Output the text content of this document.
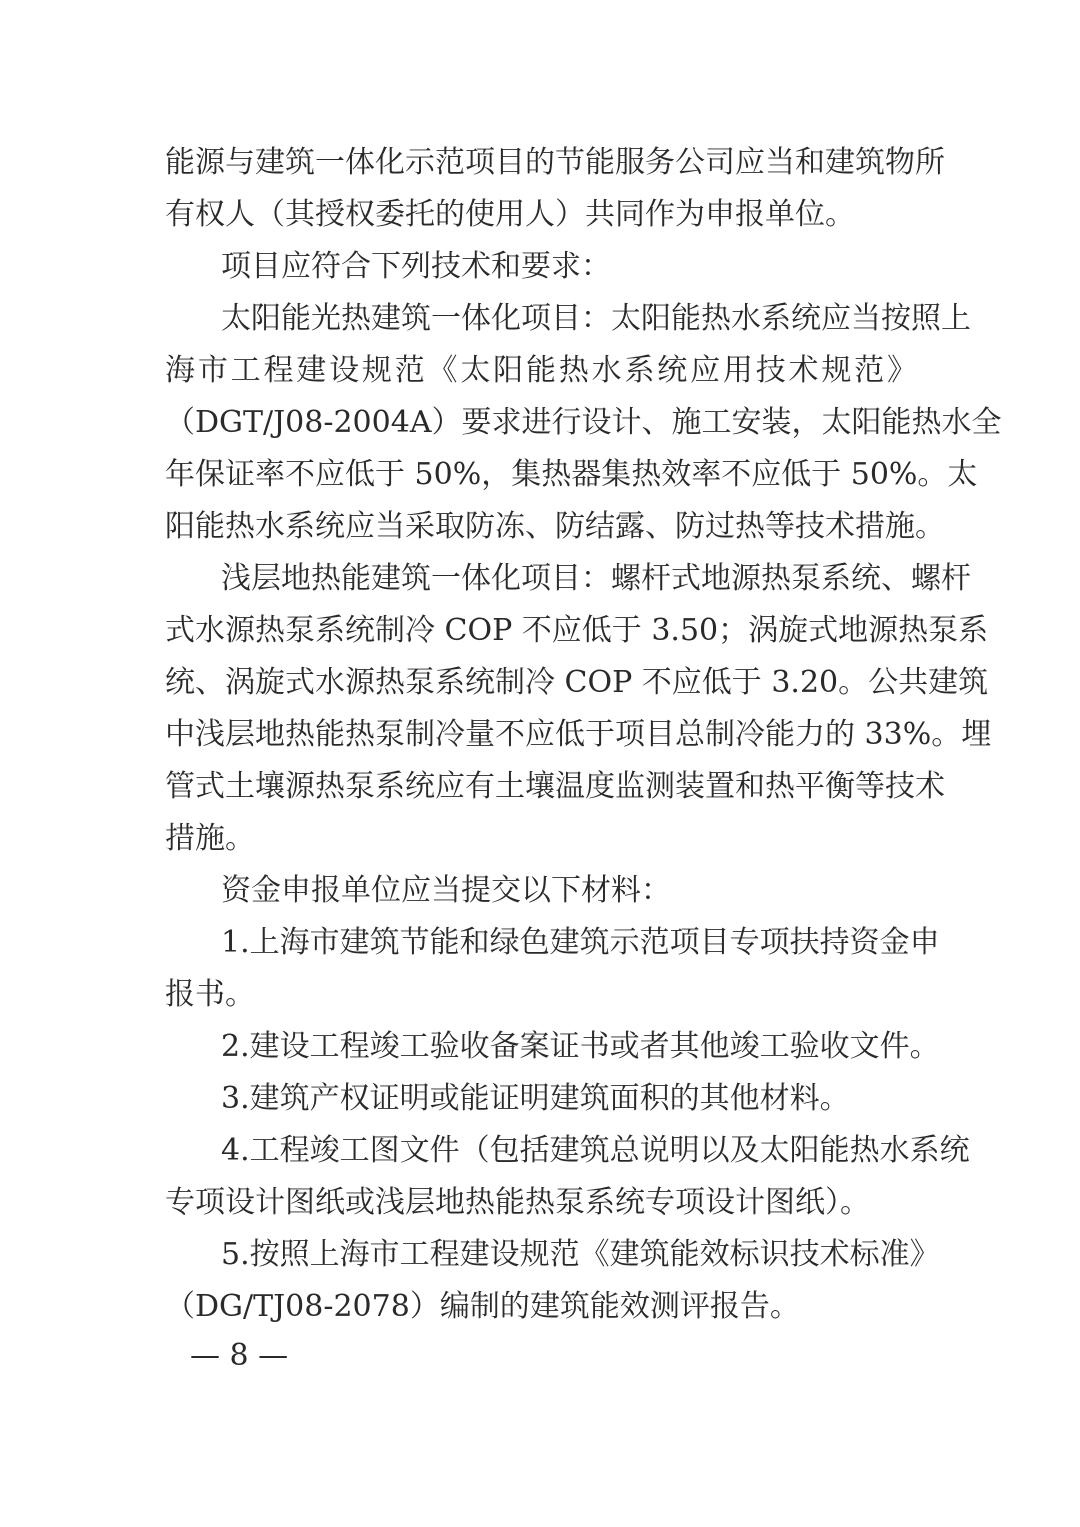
能源与建筑一体化示范项目的节能服务公司应当和建筑物所
有权人（其授权委托的使用人）共同作为申报单位。
项目应符合下列技术和要求：
太阳能光热建筑一体化项目：太阳能热水系统应当按照上
海市工程建设规范《太阳能热水系统应用技术规范》
（DGT/J08-2004A）要求进行设计、施工安装，太阳能热水全
年保证率不应低于 50%，集热器集热效率不应低于 50%。太
阳能热水系统应当采取防冻、防结露、防过热等技术措施。
浅层地热能建筑一体化项目：螺杆式地源热泵系统、螺杆
式水源热泵系统制冷 COP 不应低于 3.50；涡旋式地源热泵系
统、涡旋式水源热泵系统制冷 COP 不应低于 3.20。公共建筑
中浅层地热能热泵制冷量不应低于项目总制冷能力的 33%。埋
管式土壤源热泵系统应有土壤温度监测装置和热平衡等技术
措施。
资金申报单位应当提交以下材料：
1.上海市建筑节能和绿色建筑示范项目专项扶持资金申
报书。
2.建设工程竣工验收备案证书或者其他竣工验收文件。
3.建筑产权证明或能证明建筑面积的其他材料。
4.工程竣工图文件（包括建筑总说明以及太阳能热水系统
专项设计图纸或浅层地热能热泵系统专项设计图纸）。
5.按照上海市工程建设规范《建筑能效标识技术标准》
（DG/TJ08-2078）编制的建筑能效测评报告。
— 8 —
